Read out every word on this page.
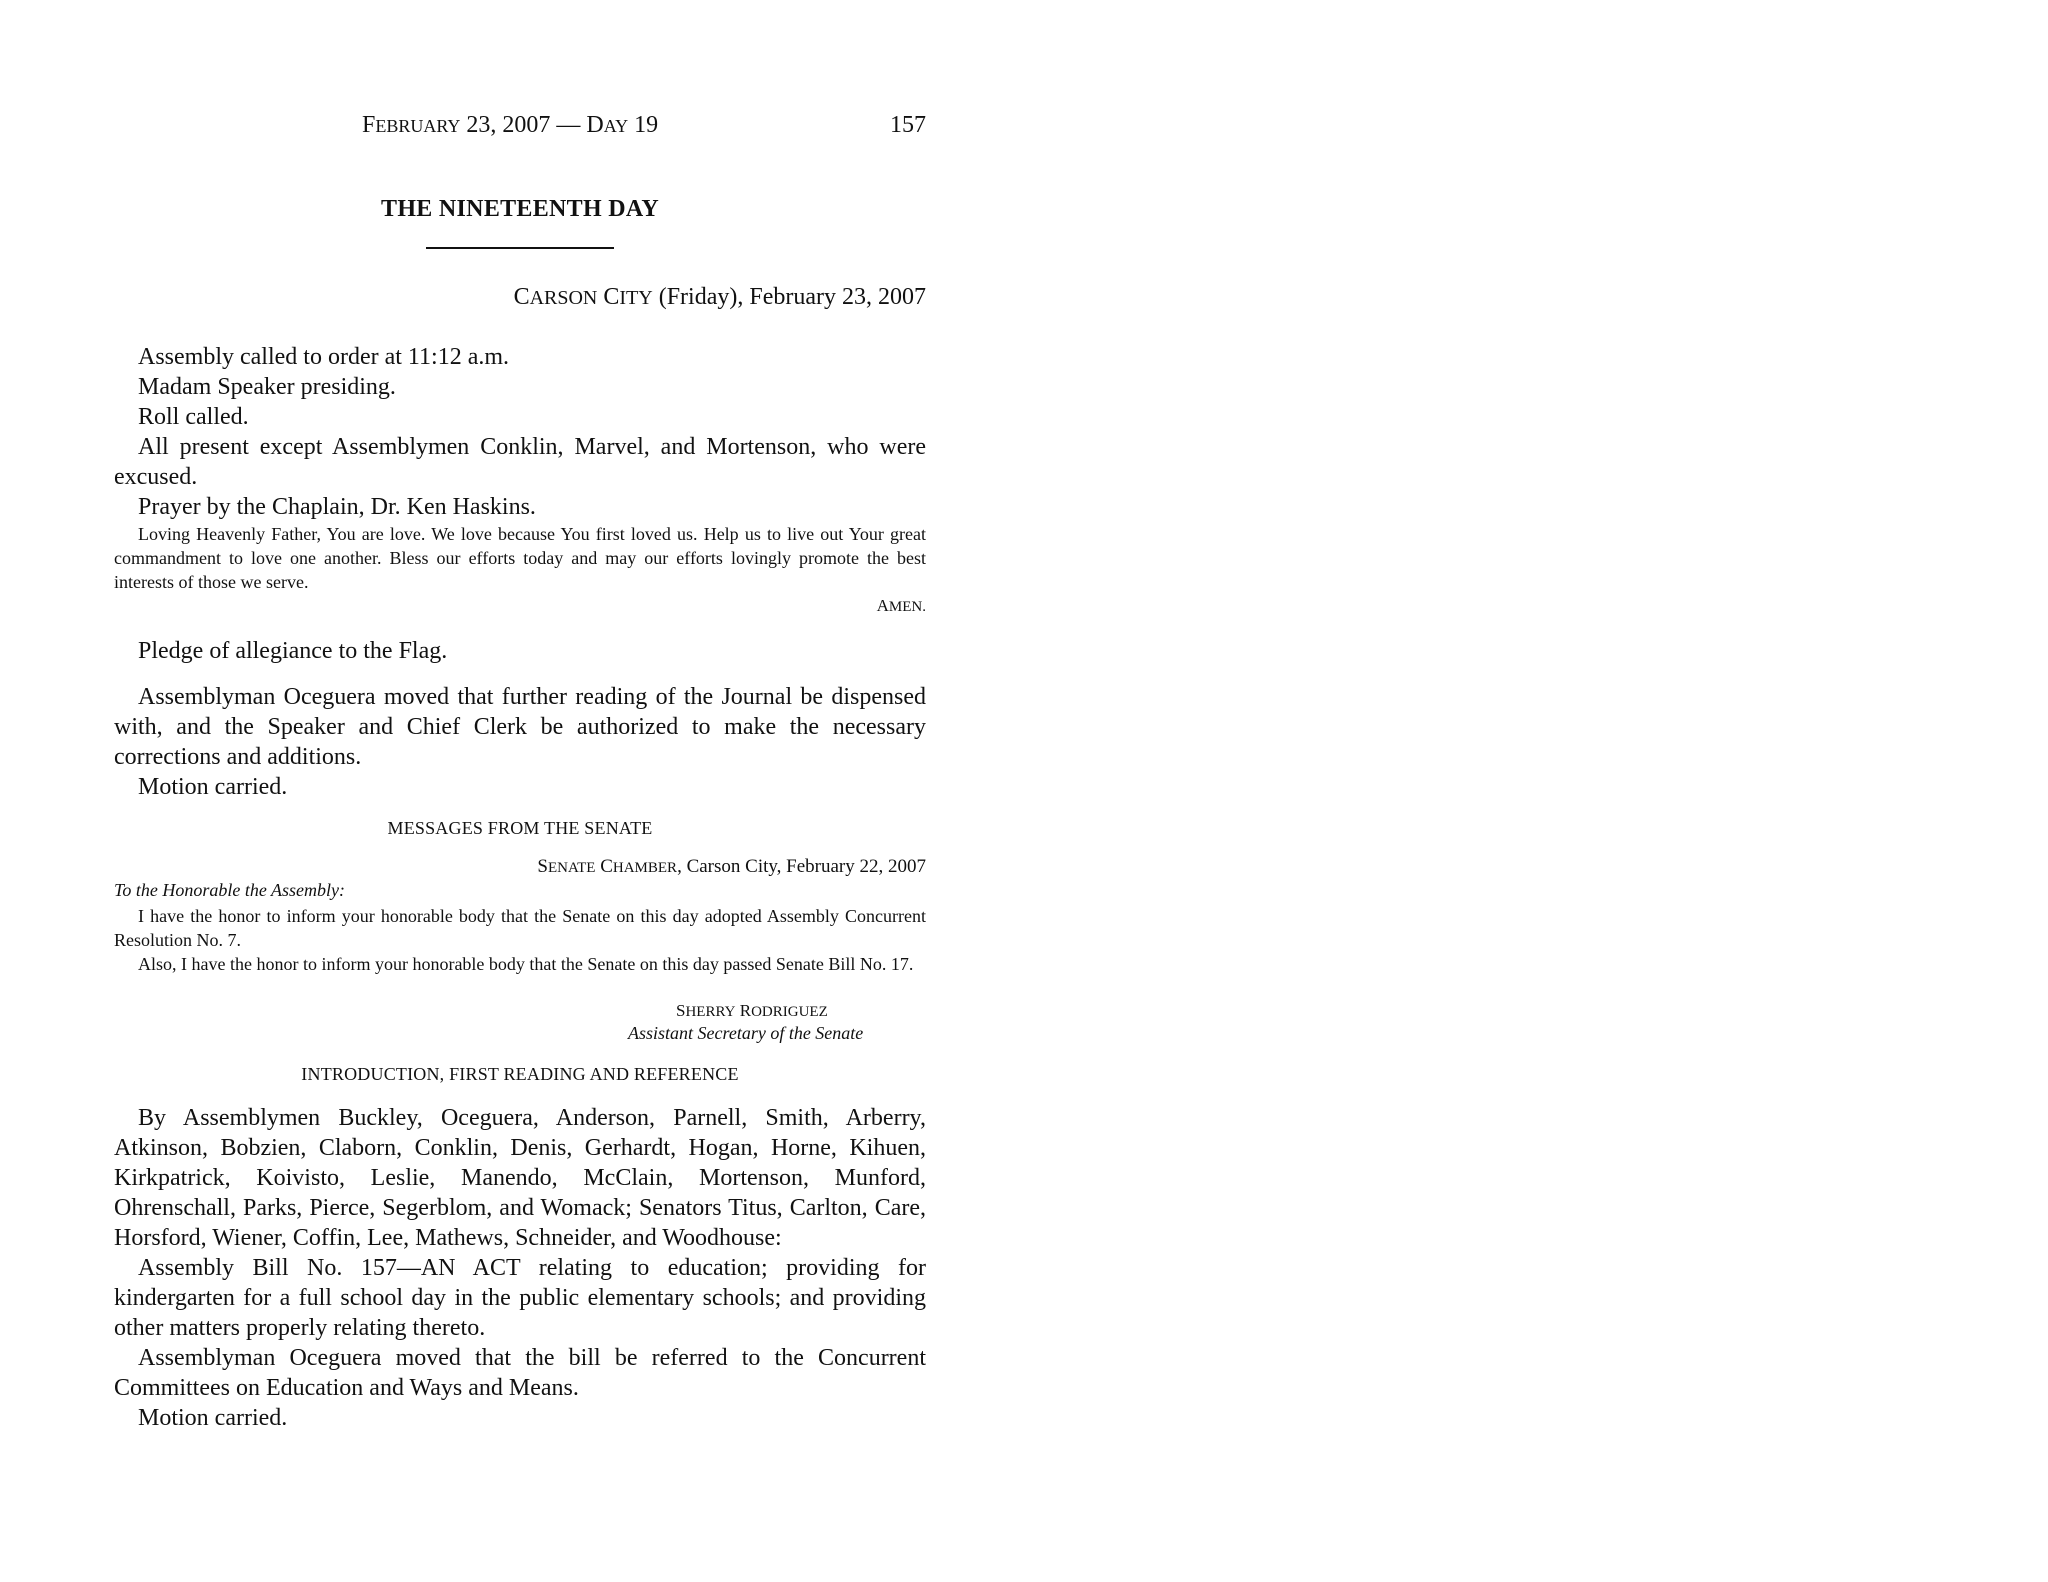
FEBRUARY 23, 2007 — DAY 19	157
THE NINETEENTH DAY
CARSON CITY (Friday), February 23, 2007

Assembly called to order at 11:12 a.m.

Madam Speaker presiding.

Roll called.

All present except Assemblymen Conklin, Marvel, and Mortenson, who were excused.

Prayer by the Chaplain, Dr. Ken Haskins.

Loving Heavenly Father, You are love. We love because You first loved us. Help us to live out Your great commandment to love one another. Bless our efforts today and may our efforts lovingly promote the best interests of those we serve.

AMEN.

Pledge of allegiance to the Flag.

Assemblyman Oceguera moved that further reading of the Journal be dispensed with, and the Speaker and Chief Clerk be authorized to make the necessary corrections and additions.

Motion carried.

MESSAGES FROM THE SENATE
SENATE CHAMBER, Carson City, February 22, 2007
To the Honorable the Assembly:

I have the honor to inform your honorable body that the Senate on this day adopted Assembly Concurrent Resolution No. 7.

Also, I have the honor to inform your honorable body that the Senate on this day passed Senate Bill No. 17.

SHERRY RODRIGUEZ
Assistant Secretary of the Senate
INTRODUCTION, FIRST READING AND REFERENCE

By Assemblymen Buckley, Oceguera, Anderson, Parnell, Smith, Arberry, Atkinson, Bobzien, Claborn, Conklin, Denis, Gerhardt, Hogan, Horne, Kihuen, Kirkpatrick, Koivisto, Leslie, Manendo, McClain, Mortenson, Munford, Ohrenschall, Parks, Pierce, Segerblom, and Womack; Senators Titus, Carlton, Care, Horsford, Wiener, Coffin, Lee, Mathews, Schneider, and Woodhouse:

Assembly Bill No. 157—AN ACT relating to education; providing for kindergarten for a full school day in the public elementary schools; and providing other matters properly relating thereto.

Assemblyman Oceguera moved that the bill be referred to the Concurrent Committees on Education and Ways and Means.

Motion carried.
